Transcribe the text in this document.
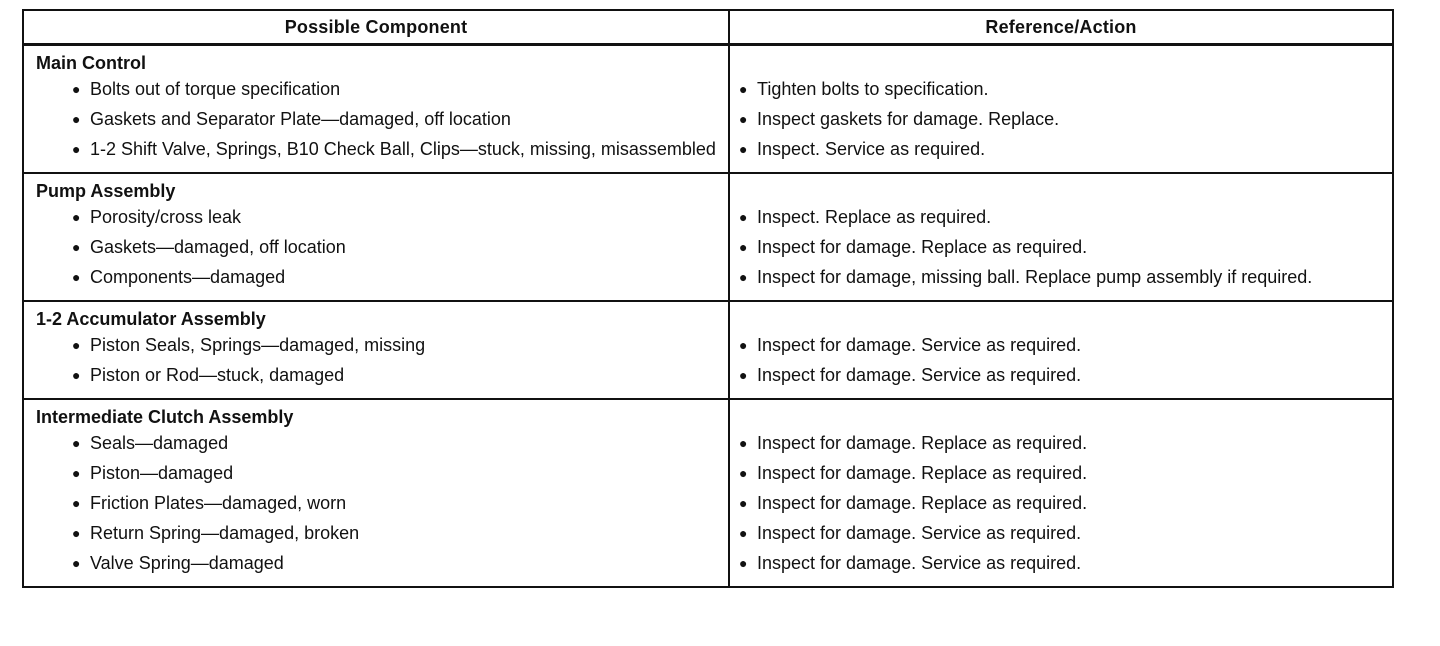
Possible Component	Reference/Action
Main Control
● Bolts out of torque specification
● Gaskets and Separator Plate—damaged, off location
● 1-2 Shift Valve, Springs, B10 Check Ball, Clips—stuck, missing, misassembled
● Tighten bolts to specification.
● Inspect gaskets for damage. Replace.
● Inspect. Service as required.
Pump Assembly
● Porosity/cross leak
● Gaskets—damaged, off location
● Components—damaged
● Inspect. Replace as required.
● Inspect for damage. Replace as required.
● Inspect for damage, missing ball. Replace pump assembly if required.
1-2 Accumulator Assembly
● Piston Seals, Springs—damaged, missing
● Piston or Rod—stuck, damaged
● Inspect for damage. Service as required.
● Inspect for damage. Service as required.
Intermediate Clutch Assembly
● Seals—damaged
● Piston—damaged
● Friction Plates—damaged, worn
● Return Spring—damaged, broken
● Valve Spring—damaged
● Inspect for damage. Replace as required.
● Inspect for damage. Replace as required.
● Inspect for damage. Replace as required.
● Inspect for damage. Service as required.
● Inspect for damage. Service as required.
